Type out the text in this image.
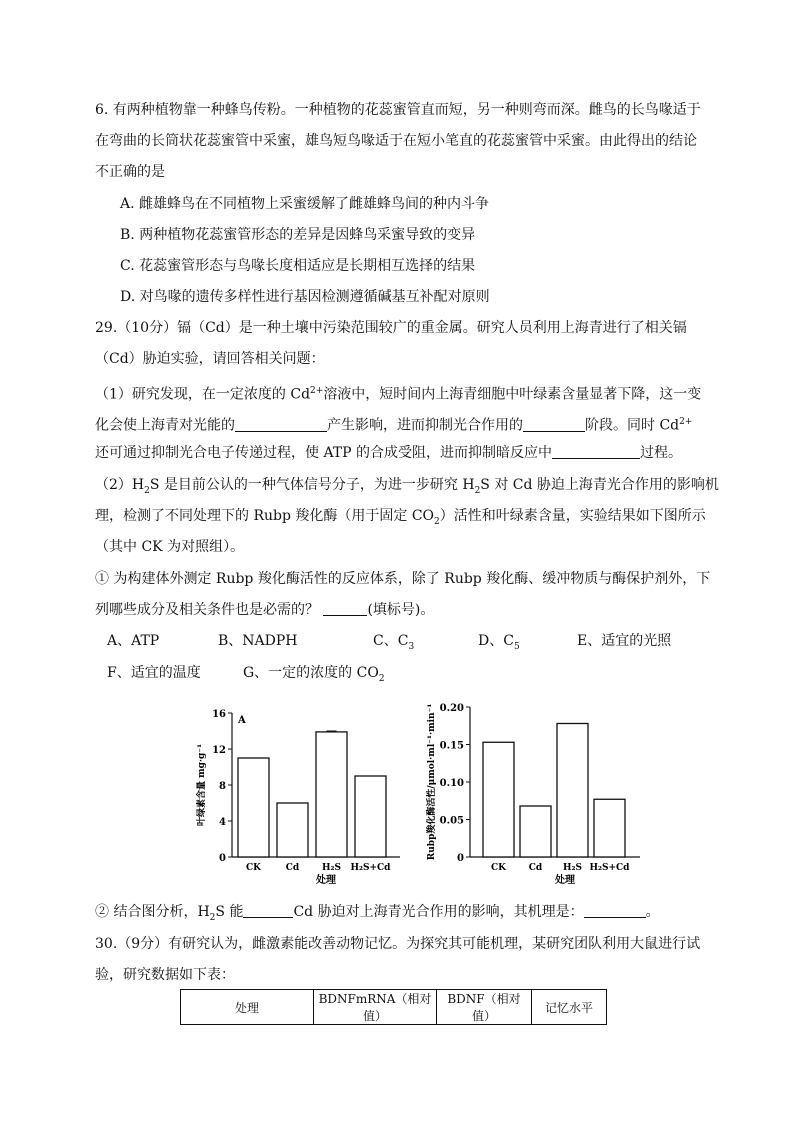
6. 有两种植物靠一种蜂鸟传粉。一种植物的花蕊蜜管直而短，另一种则弯而深。雌鸟的长鸟喙适于
在弯曲的长筒状花蕊蜜管中采蜜，雄鸟短鸟喙适于在短小笔直的花蕊蜜管中采蜜。由此得出的结论
不正确的是
A. 雌雄蜂鸟在不同植物上采蜜缓解了雌雄蜂鸟间的种内斗争
B. 两种植物花蕊蜜管形态的差异是因蜂鸟采蜜导致的变异
C. 花蕊蜜管形态与鸟喙长度相适应是长期相互选择的结果
D. 对鸟喙的遗传多样性进行基因检测遵循碱基互补配对原则
29.（10分）镉（Cd）是一种土壤中污染范围较广的重金属。研究人员利用上海青进行了相关镉
（Cd）胁迫实验，请回答相关问题：
（1）研究发现，在一定浓度的 $Cd^{2+}$溶液中，短时间内上海青细胞中叶绿素含量显著下降，这一变
化会使上海青对光能的	产生影响，进而抑制光合作用的	阶段。同时 $Cd^{2+}$
还可通过抑制光合电子传递过程，使 ATP 的合成受阻，进而抑制暗反应中	过程。
$(2)H_2S$ 是目前公认的一种气体信号分子，为进一步研究 $H_2S$ 对 Cd 胁迫上海青光合作用的影响机
理，检测了不同处理下的 Rubp 羧化酶（用于固定 $CO_2$）活性和叶绿素含量，实验结果如下图所示
（其中 CK 为对照组）。
① 为构建体外测定 Rubp 羧化酶活性的反应体系，除了 Rubp 羧化酶、缓冲物质与酶保护剂外，下
列哪些成分及相关条件也是必需的？	(填标号)。
A、ATP	B、NADPH	C、$C_3$	D、$C_5$	E、适宜的光照
F、适宜的温度	G、一定的浓度的 $CO_2$
0
4
8
12
16
CK	Cd	H₂S H₂S+Cd
处理
叶绿素含量 mg·g⁻¹
A
0
0.05
0.10
0.15
0.20
CK	Cd H₂S H₂S+Cd
处理
Rubp羧化酶活性/μmol·ml⁻¹·min⁻¹
② 结合图分析，$H_2S$ 能	Cd 胁迫对上海青光合作用的影响，其机理是：	。
30.（9分）有研究认为，雌激素能改善动物记忆。为探究其可能机理，某研究团队利用大鼠进行试
验，研究数据如下表：
处理	BDNFmRNA（相对值）	BDNF（相对值）	记忆水平
